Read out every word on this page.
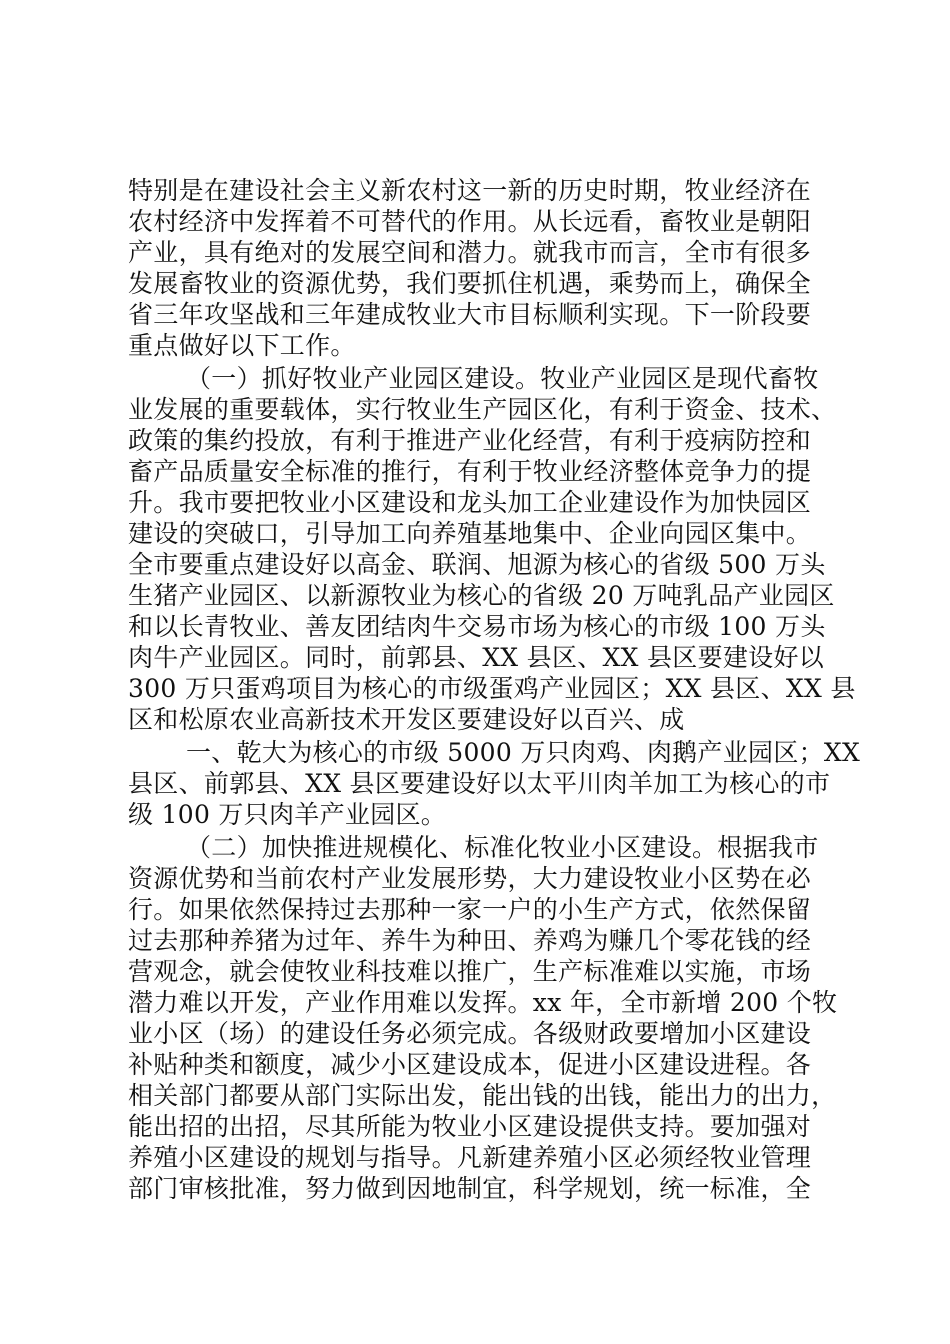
特别是在建设社会主义新农村这一新的历史时期，牧业经济在
农村经济中发挥着不可替代的作用。从长远看，畜牧业是朝阳
产业，具有绝对的发展空间和潜力。就我市而言，全市有很多
发展畜牧业的资源优势，我们要抓住机遇，乘势而上，确保全
省三年攻坚战和三年建成牧业大市目标顺利实现。下一阶段要
重点做好以下工作。
（一）抓好牧业产业园区建设。牧业产业园区是现代畜牧
业发展的重要载体，实行牧业生产园区化，有利于资金、技术、
政策的集约投放，有利于推进产业化经营，有利于疫病防控和
畜产品质量安全标准的推行，有利于牧业经济整体竞争力的提
升。我市要把牧业小区建设和龙头加工企业建设作为加快园区
建设的突破口，引导加工向养殖基地集中、企业向园区集中。
全市要重点建设好以高金、联润、旭源为核心的省级 500 万头
生猪产业园区、以新源牧业为核心的省级 20 万吨乳品产业园区
和以长青牧业、善友团结肉牛交易市场为核心的市级 100 万头
肉牛产业园区。同时，前郭县、XX 县区、XX 县区要建设好以
300 万只蛋鸡项目为核心的市级蛋鸡产业园区；XX 县区、XX 县
区和松原农业高新技术开发区要建设好以百兴、成
一、乾大为核心的市级 5000 万只肉鸡、肉鹅产业园区；XX
县区、前郭县、XX 县区要建设好以太平川肉羊加工为核心的市
级 100 万只肉羊产业园区。
（二）加快推进规模化、标准化牧业小区建设。根据我市
资源优势和当前农村产业发展形势，大力建设牧业小区势在必
行。如果依然保持过去那种一家一户的小生产方式，依然保留
过去那种养猪为过年、养牛为种田、养鸡为赚几个零花钱的经
营观念，就会使牧业科技难以推广，生产标准难以实施，市场
潜力难以开发，产业作用难以发挥。xx 年，全市新增 200 个牧
业小区（场）的建设任务必须完成。各级财政要增加小区建设
补贴种类和额度，减少小区建设成本，促进小区建设进程。各
相关部门都要从部门实际出发，能出钱的出钱，能出力的出力，
能出招的出招，尽其所能为牧业小区建设提供支持。要加强对
养殖小区建设的规划与指导。凡新建养殖小区必须经牧业管理
部门审核批准，努力做到因地制宜，科学规划，统一标准，全
